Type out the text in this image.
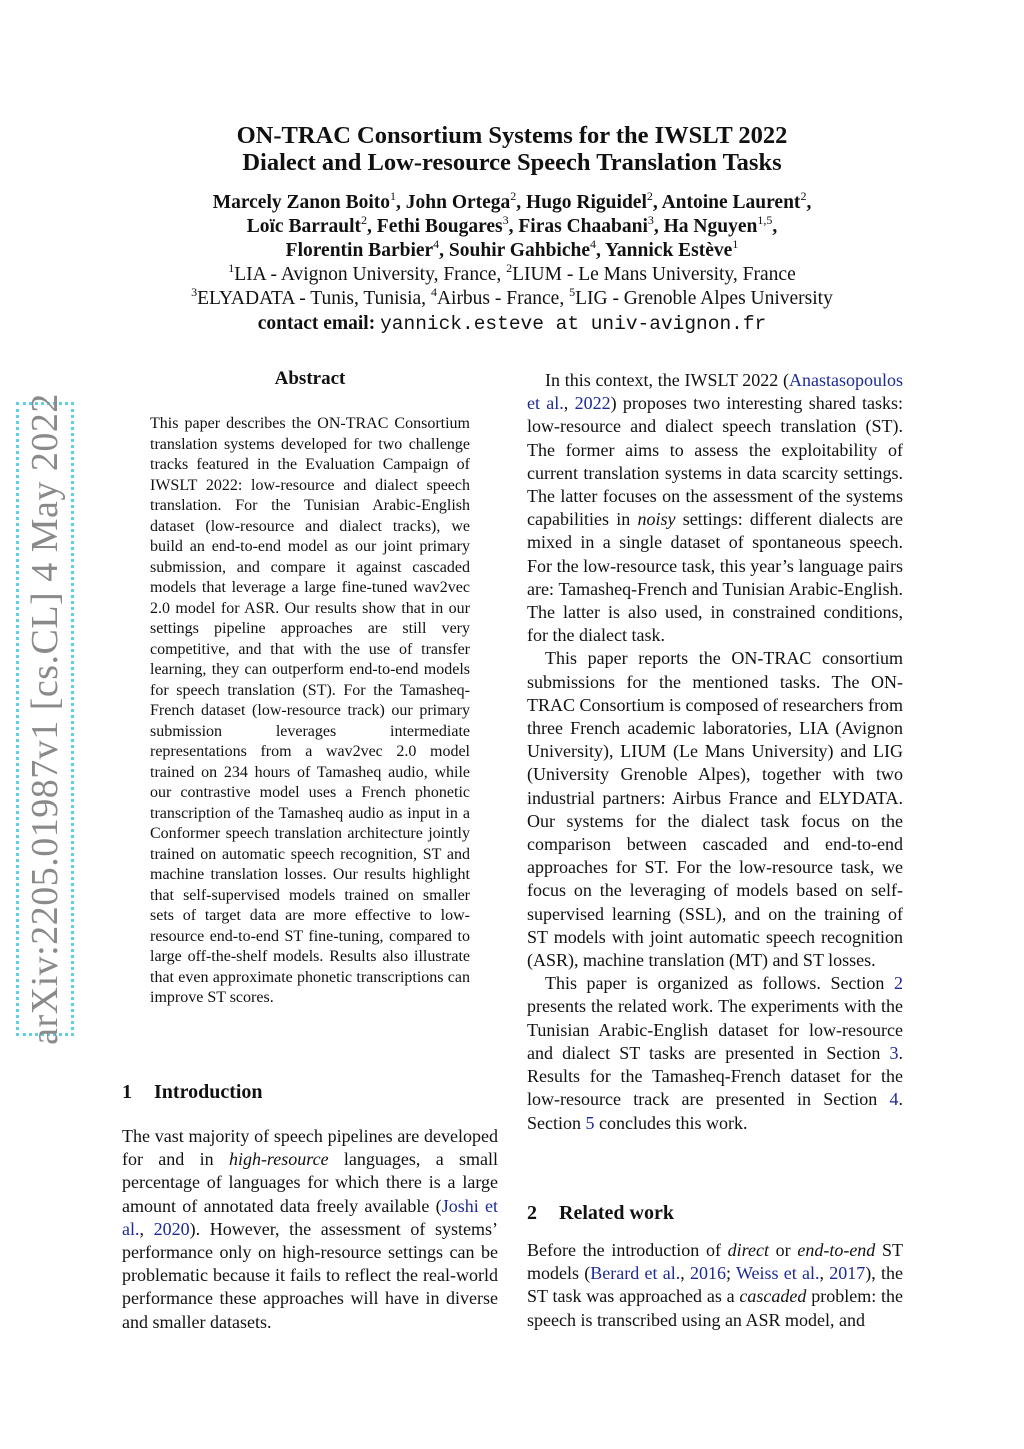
arXiv:2205.01987v1 [cs.CL] 4 May 2022
ON-TRAC Consortium Systems for the IWSLT 2022
Dialect and Low-resource Speech Translation Tasks
Marcely Zanon Boito$^1$, John Ortega$^2$, Hugo Riguidel$^2$, Antoine Laurent$^2$,
Loïc Barrault$^2$, Fethi Bougares$^3$, Firas Chaabani$^3$, Ha Nguyen$^{1,5}$,
Florentin Barbier$^4$, Souhir Gahbiche$^4$, Yannick Estève$^1$
$^1$LIA - Avignon University, France, $^2$LIUM - Le Mans University, France
$^3$ELYADATA - Tunis, Tunisia, $^4$Airbus - France, $^5$LIG - Grenoble Alpes University
contact email: yannick.esteve at univ-avignon.fr
Abstract

This paper describes the ON-TRAC Consortium translation systems developed for two challenge tracks featured in the Evaluation Campaign of IWSLT 2022: low-resource and dialect speech translation. For the Tunisian Arabic-English dataset (low-resource and dialect tracks), we build an end-to-end model as our joint primary submission, and compare it against cascaded models that leverage a large fine-tuned wav2vec 2.0 model for ASR. Our results show that in our settings pipeline approaches are still very competitive, and that with the use of transfer learning, they can outperform end-to-end models for speech translation (ST). For the Tamasheq-French dataset (low-resource track) our primary submission leverages intermediate representations from a wav2vec 2.0 model trained on 234 hours of Tamasheq audio, while our contrastive model uses a French phonetic transcription of the Tamasheq audio as input in a Conformer speech translation architecture jointly trained on automatic speech recognition, ST and machine translation losses. Our results highlight that self-supervised models trained on smaller sets of target data are more effective to low-resource end-to-end ST fine-tuning, compared to large off-the-shelf models. Results also illustrate that even approximate phonetic transcriptions can improve ST scores.

1 Introduction

The vast majority of speech pipelines are developed for and in high-resource languages, a small percentage of languages for which there is a large amount of annotated data freely available (Joshi et al., 2020). However, the assessment of systems’ performance only on high-resource settings can be problematic because it fails to reflect the real-world performance these approaches will have in diverse and smaller datasets.

In this context, the IWSLT 2022 (Anastasopoulos et al., 2022) proposes two interesting shared tasks: low-resource and dialect speech translation (ST). The former aims to assess the exploitability of current translation systems in data scarcity settings. The latter focuses on the assessment of the systems capabilities in noisy settings: different dialects are mixed in a single dataset of spontaneous speech. For the low-resource task, this year’s language pairs are: Tamasheq-French and Tunisian Arabic-English. The latter is also used, in constrained conditions, for the dialect task.

This paper reports the ON-TRAC consortium submissions for the mentioned tasks. The ON-TRAC Consortium is composed of researchers from three French academic laboratories, LIA (Avignon University), LIUM (Le Mans University) and LIG (University Grenoble Alpes), together with two industrial partners: Airbus France and ELYDATA. Our systems for the dialect task focus on the comparison between cascaded and end-to-end approaches for ST. For the low-resource task, we focus on the leveraging of models based on self-supervised learning (SSL), and on the training of ST models with joint automatic speech recognition (ASR), machine translation (MT) and ST losses.

This paper is organized as follows. Section 2 presents the related work. The experiments with the Tunisian Arabic-English dataset for low-resource and dialect ST tasks are presented in Section 3. Results for the Tamasheq-French dataset for the low-resource track are presented in Section 4. Section 5 concludes this work.

2 Related work

Before the introduction of direct or end-to-end ST models (Berard et al., 2016; Weiss et al., 2017), the ST task was approached as a cascaded problem: the speech is transcribed using an ASR model, and
